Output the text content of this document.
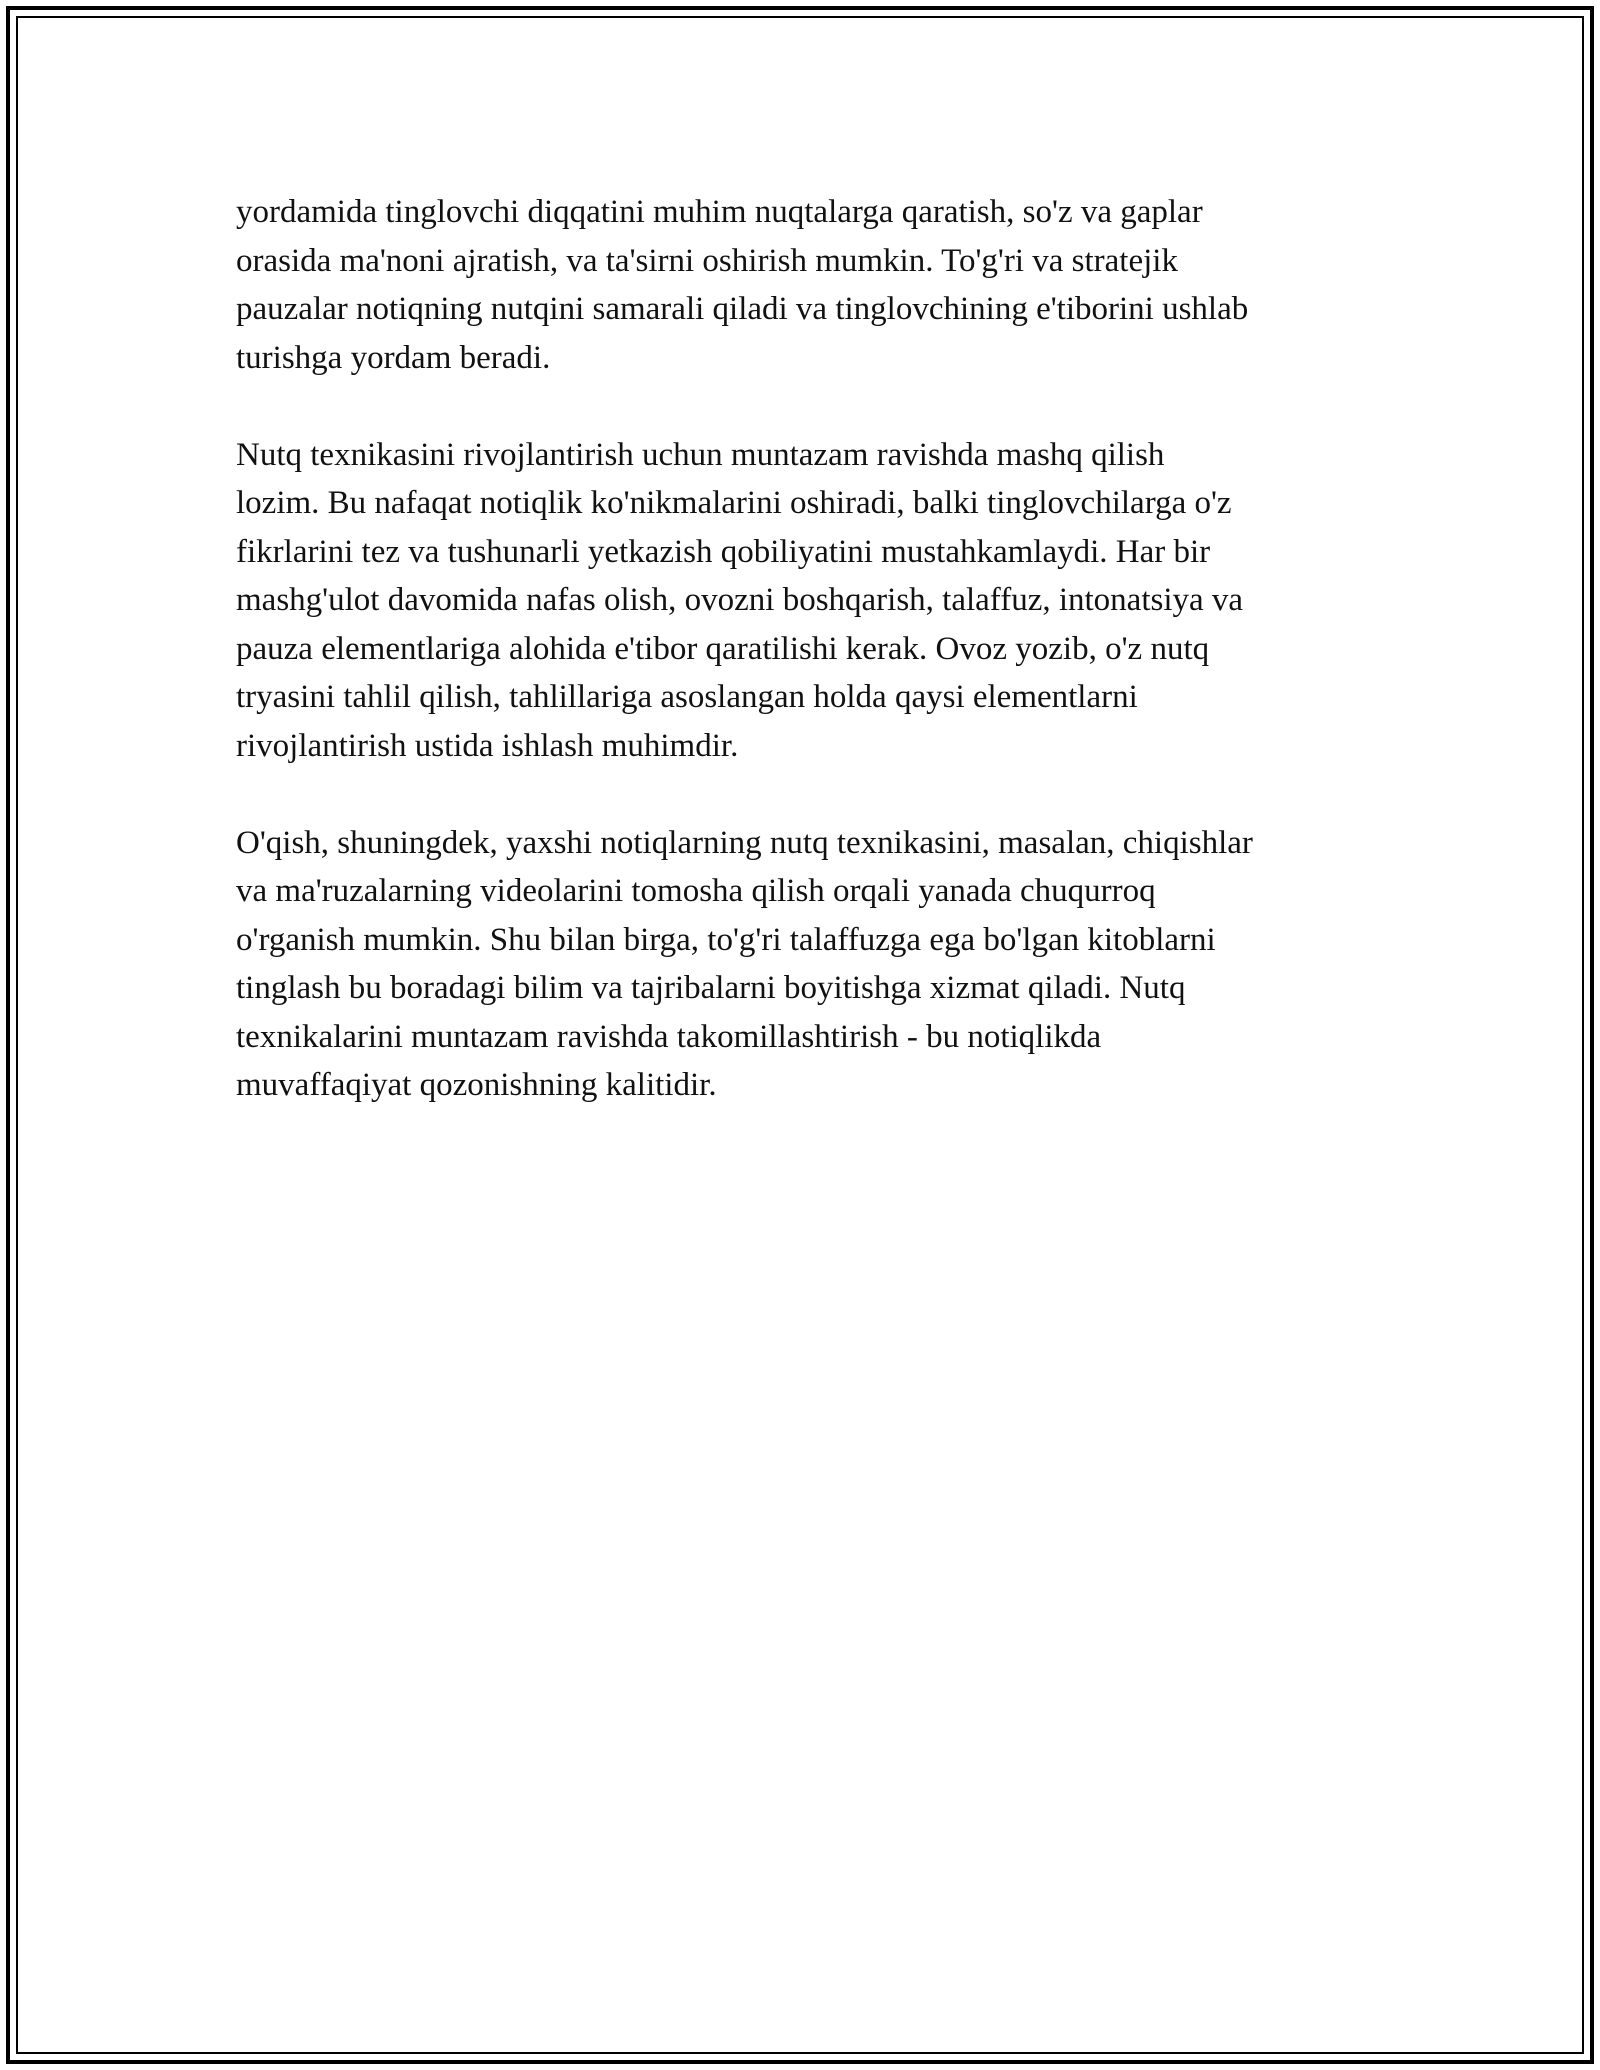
yordamida tinglovchi diqqatini muhim nuqtalarga qaratish, so'z va gaplar
orasida ma'noni ajratish, va ta'sirni oshirish mumkin. To'g'ri va stratejik
pauzalar notiqning nutqini samarali qiladi va tinglovchining e'tiborini ushlab
turishga yordam beradi.

Nutq texnikasini rivojlantirish uchun muntazam ravishda mashq qilish
lozim. Bu nafaqat notiqlik ko'nikmalarini oshiradi, balki tinglovchilarga o'z
fikrlarini tez va tushunarli yetkazish qobiliyatini mustahkamlaydi. Har bir
mashg'ulot davomida nafas olish, ovozni boshqarish, talaffuz, intonatsiya va
pauza elementlariga alohida e'tibor qaratilishi kerak. Ovoz yozib, o'z nutq
tryasini tahlil qilish, tahlillariga asoslangan holda qaysi elementlarni
rivojlantirish ustida ishlash muhimdir.

O'qish, shuningdek, yaxshi notiqlarning nutq texnikasini, masalan, chiqishlar
va ma'ruzalarning videolarini tomosha qilish orqali yanada chuqurroq
o'rganish mumkin. Shu bilan birga, to'g'ri talaffuzga ega bo'lgan kitoblarni
tinglash bu boradagi bilim va tajribalarni boyitishga xizmat qiladi. Nutq
texnikalarini muntazam ravishda takomillashtirish - bu notiqlikda
muvaffaqiyat qozonishning kalitidir.
